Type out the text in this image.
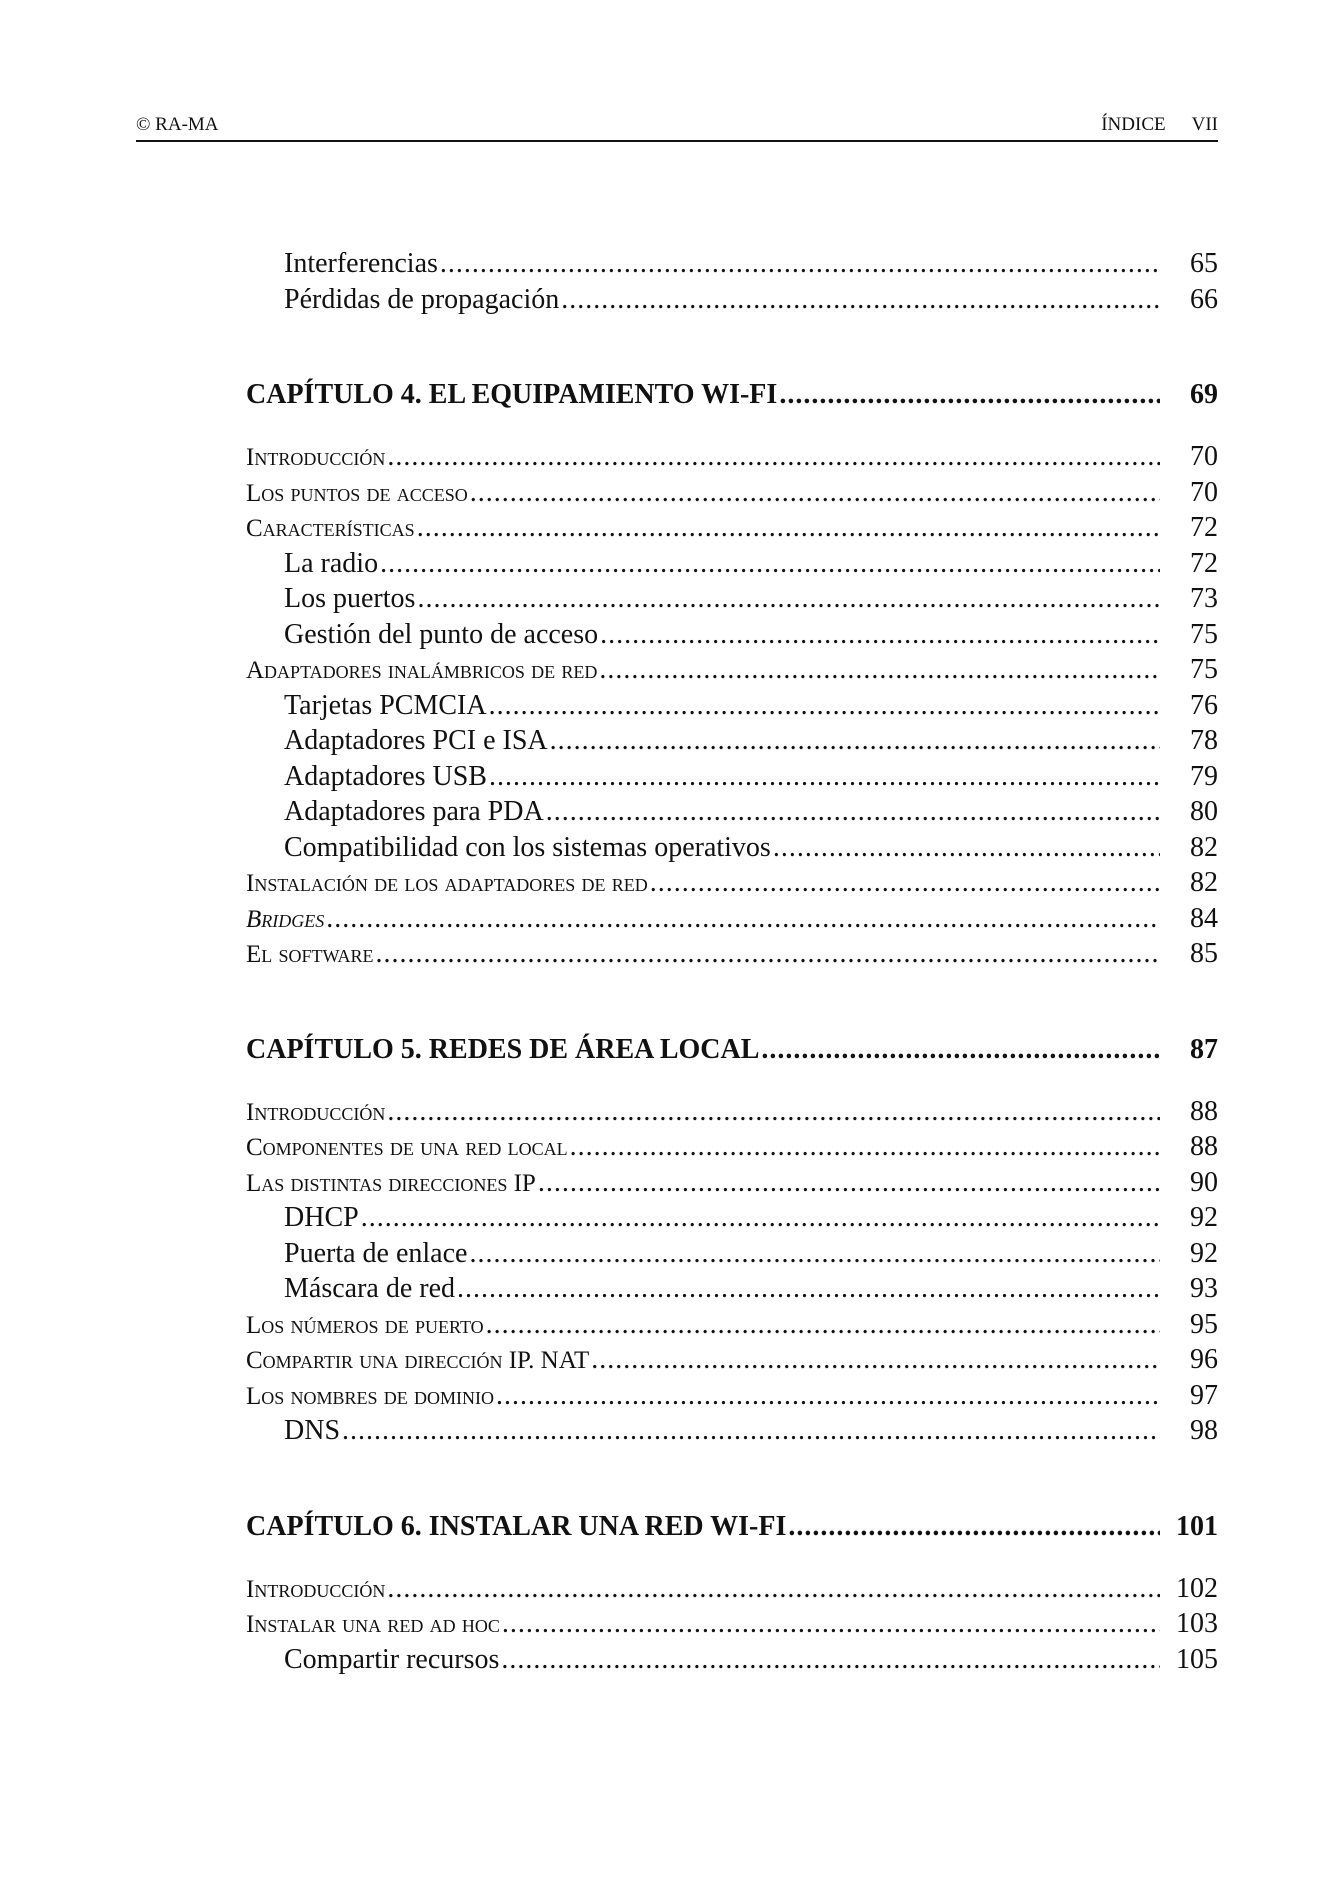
© RA-MA	ÍNDICE VII
Interferencias .....	65
Pérdidas de propagación .....	66
CAPÍTULO 4. EL EQUIPAMIENTO WI-FI .....	69
Introducción .....	70
Los puntos de acceso .....	70
Características .....	72
La radio .....	72
Los puertos .....	73
Gestión del punto de acceso .....	75
Adaptadores inalámbricos de red .....	75
Tarjetas PCMCIA .....	76
Adaptadores PCI e ISA .....	78
Adaptadores USB .....	79
Adaptadores para PDA .....	80
Compatibilidad con los sistemas operativos .....	82
Instalación de los adaptadores de red .....	82
Bridges .....	84
El software .....	85
CAPÍTULO 5. REDES DE ÁREA LOCAL .....	87
Introducción .....	88
Componentes de una red local .....	88
Las distintas direcciones IP .....	90
DHCP .....	92
Puerta de enlace .....	92
Máscara de red .....	93
Los números de puerto .....	95
Compartir una dirección IP. NAT .....	96
Los nombres de dominio .....	97
DNS .....	98
CAPÍTULO 6. INSTALAR UNA RED WI-FI .....	101
Introducción .....	102
Instalar una red ad hoc .....	103
Compartir recursos .....	105
